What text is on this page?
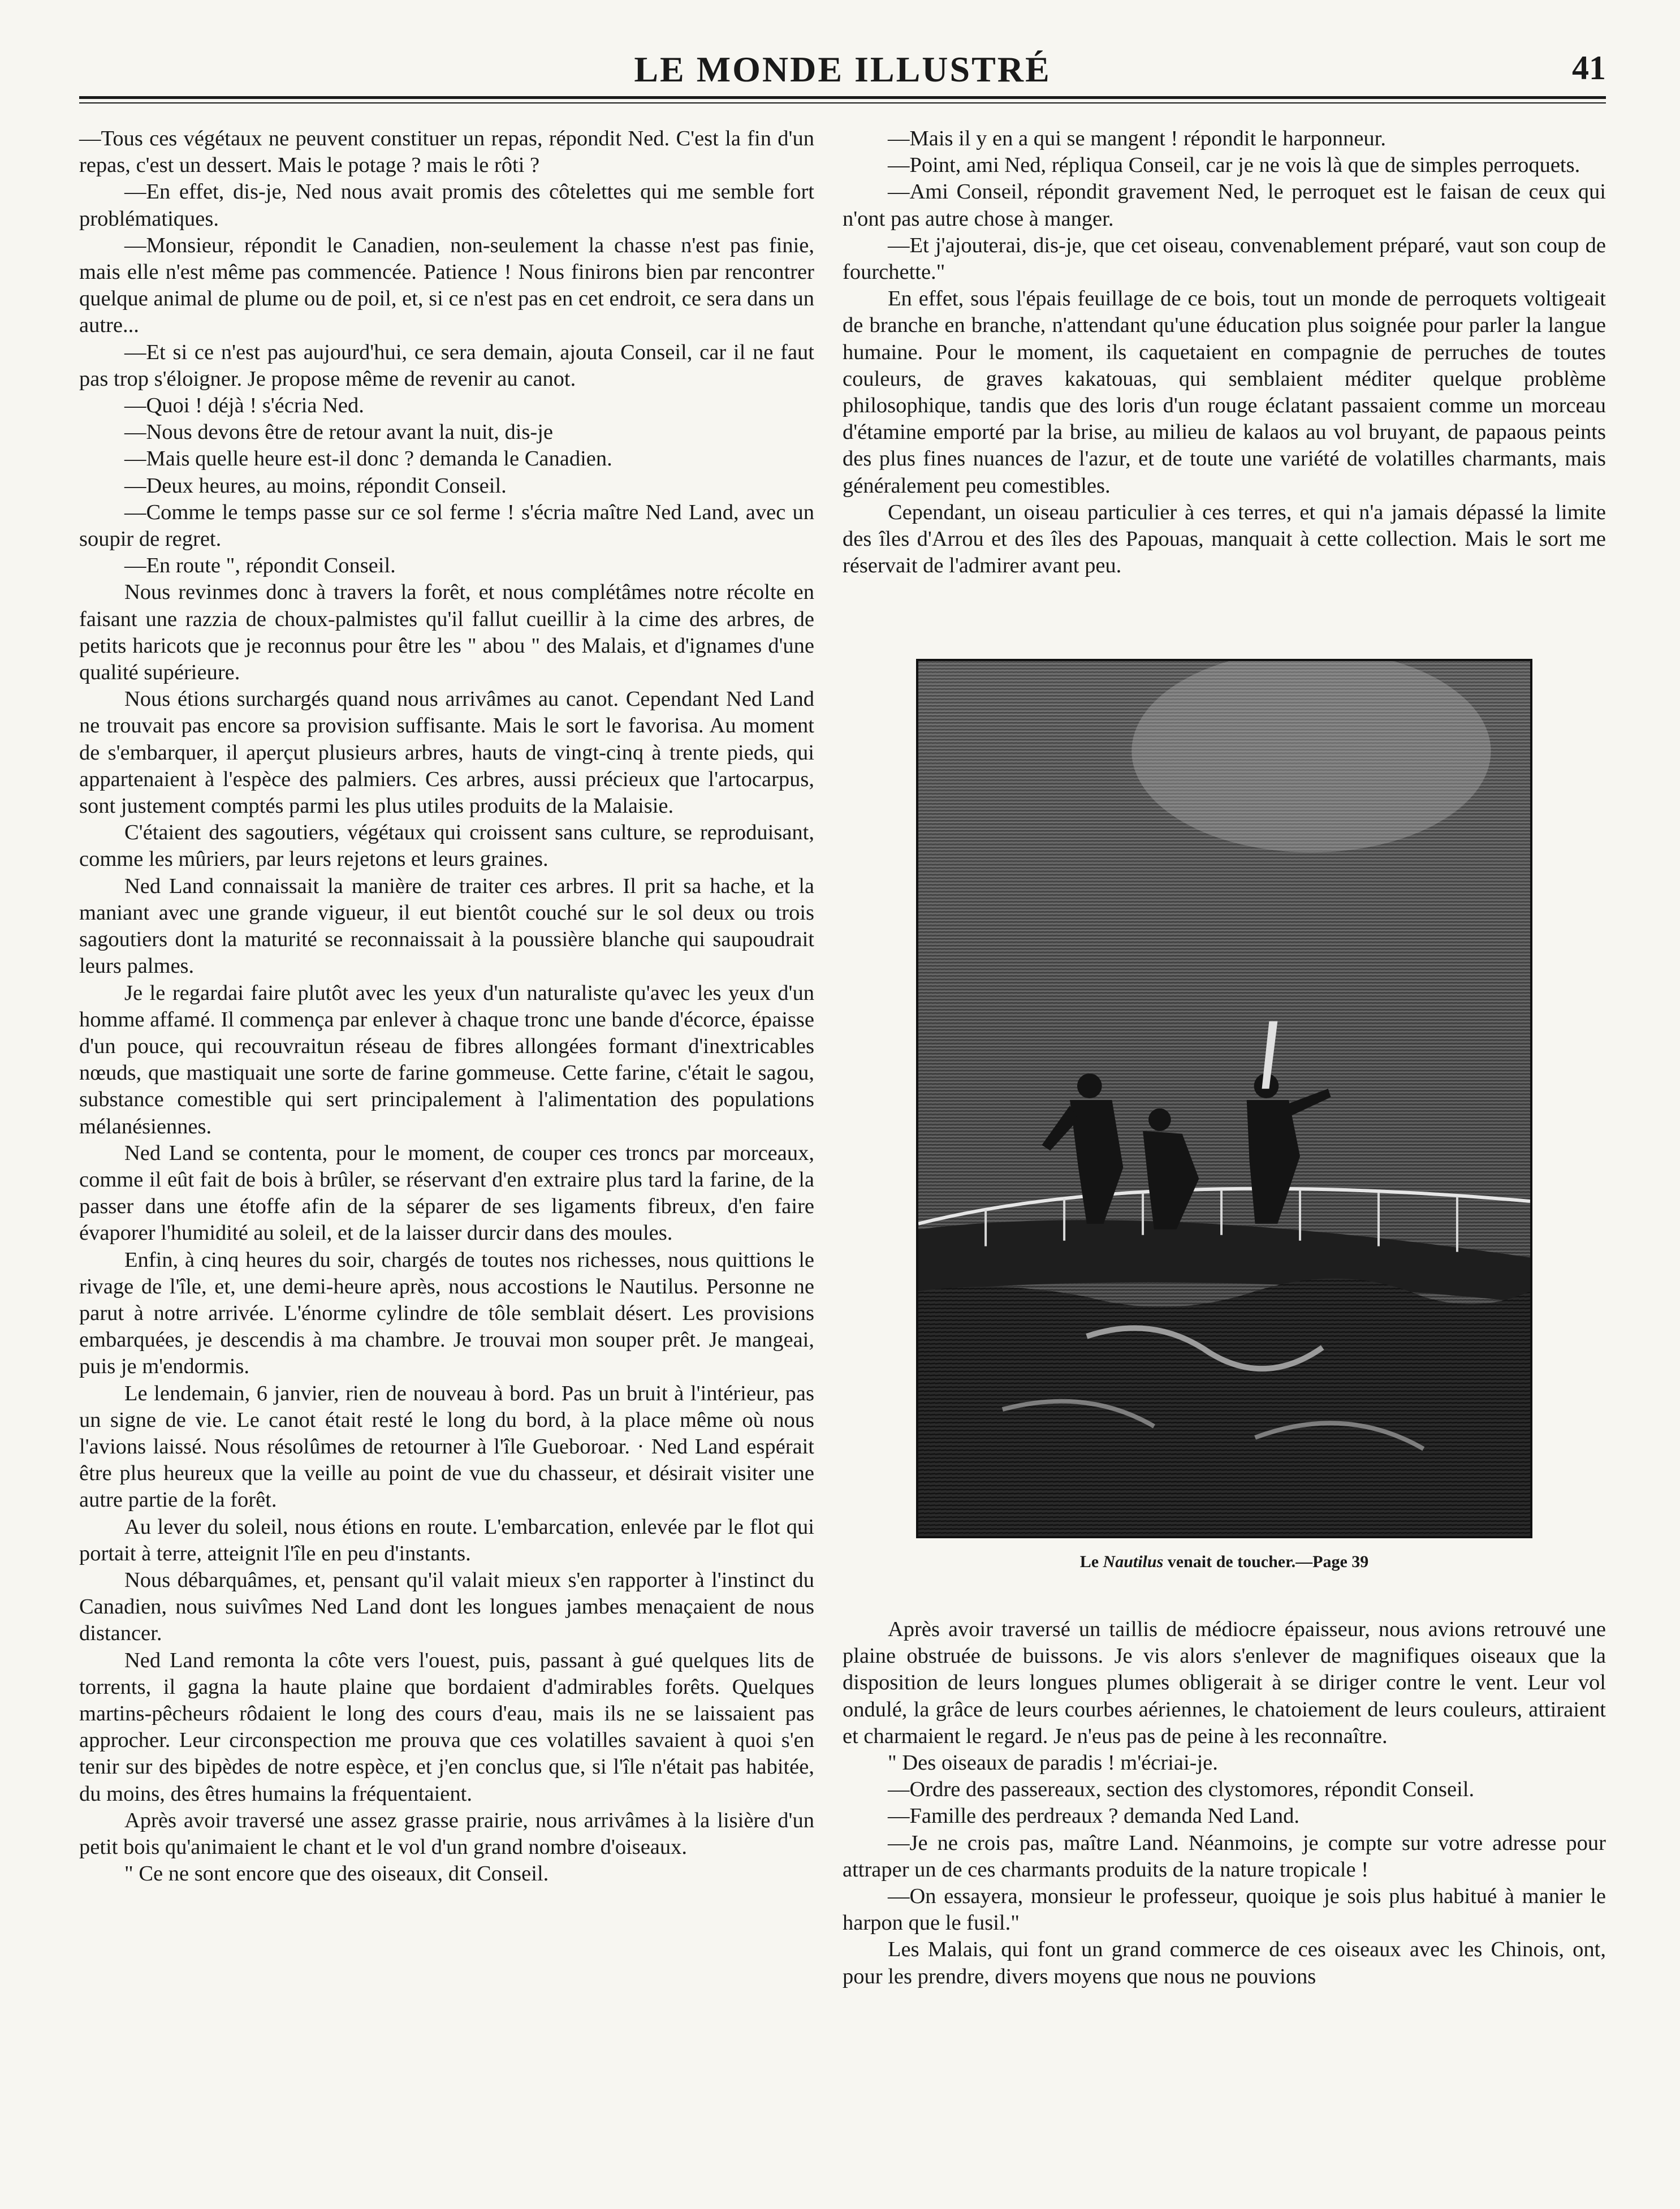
LE MONDE ILLUSTRÉ	41

—Tous ces végétaux ne peuvent constituer un repas, répondit Ned. C'est la fin d'un repas, c'est un dessert. Mais le potage ? mais le rôti ?

—En effet, dis-je, Ned nous avait promis des côtelettes qui me semble fort problématiques.

—Monsieur, répondit le Canadien, non-seulement la chasse n'est pas finie, mais elle n'est même pas commencée. Patience ! Nous finirons bien par rencontrer quelque animal de plume ou de poil, et, si ce n'est pas en cet endroit, ce sera dans un autre...

—Et si ce n'est pas aujourd'hui, ce sera demain, ajouta Conseil, car il ne faut pas trop s'éloigner. Je propose même de revenir au canot.

—Quoi ! déjà ! s'écria Ned.

—Nous devons être de retour avant la nuit, dis-je

—Mais quelle heure est-il donc ? demanda le Canadien.

—Deux heures, au moins, répondit Conseil.

—Comme le temps passe sur ce sol ferme ! s'écria maître Ned Land, avec un soupir de regret.

—En route ", répondit Conseil.

Nous revinmes donc à travers la forêt, et nous complétâmes notre récolte en faisant une razzia de choux-palmistes qu'il fallut cueillir à la cime des arbres, de petits haricots que je reconnus pour être les " abou " des Malais, et d'ignames d'une qualité supérieure.

Nous étions surchargés quand nous arrivâmes au canot. Cependant Ned Land ne trouvait pas encore sa provision suffisante. Mais le sort le favorisa. Au moment de s'embarquer, il aperçut plusieurs arbres, hauts de vingt-cinq à trente pieds, qui appartenaient à l'espèce des palmiers. Ces arbres, aussi précieux que l'artocarpus, sont justement comptés parmi les plus utiles produits de la Malaisie.

C'étaient des sagoutiers, végétaux qui croissent sans culture, se reproduisant, comme les mûriers, par leurs rejetons et leurs graines.

Ned Land connaissait la manière de traiter ces arbres. Il prit sa hache, et la maniant avec une grande vigueur, il eut bientôt couché sur le sol deux ou trois sagoutiers dont la maturité se reconnaissait à la poussière blanche qui saupoudrait leurs palmes.

Je le regardai faire plutôt avec les yeux d'un naturaliste qu'avec les yeux d'un homme affamé. Il commença par enlever à chaque tronc une bande d'écorce, épaisse d'un pouce, qui recouvraitun réseau de fibres allongées formant d'inextricables nœuds, que mastiquait une sorte de farine gommeuse. Cette farine, c'était le sagou, substance comestible qui sert principalement à l'alimentation des populations mélanésiennes.

Ned Land se contenta, pour le moment, de couper ces troncs par morceaux, comme il eût fait de bois à brûler, se réservant d'en extraire plus tard la farine, de la passer dans une étoffe afin de la séparer de ses ligaments fibreux, d'en faire évaporer l'humidité au soleil, et de la laisser durcir dans des moules.

Enfin, à cinq heures du soir, chargés de toutes nos richesses, nous quittions le rivage de l'île, et, une demi-heure après, nous accostions le Nautilus. Personne ne parut à notre arrivée. L'énorme cylindre de tôle semblait désert. Les provisions embarquées, je descendis à ma chambre. Je trouvai mon souper prêt. Je mangeai, puis je m'endormis.

Le lendemain, 6 janvier, rien de nouveau à bord. Pas un bruit à l'intérieur, pas un signe de vie. Le canot était resté le long du bord, à la place même où nous l'avions laissé. Nous résolûmes de retourner à l'île Gueboroar. · Ned Land espérait être plus heureux que la veille au point de vue du chasseur, et désirait visiter une autre partie de la forêt.

Au lever du soleil, nous étions en route. L'embarcation, enlevée par le flot qui portait à terre, atteignit l'île en peu d'instants.

Nous débarquâmes, et, pensant qu'il valait mieux s'en rapporter à l'instinct du Canadien, nous suivîmes Ned Land dont les longues jambes menaçaient de nous distancer.

Ned Land remonta la côte vers l'ouest, puis, passant à gué quelques lits de torrents, il gagna la haute plaine que bordaient d'admirables forêts. Quelques martins-pêcheurs rôdaient le long des cours d'eau, mais ils ne se laissaient pas approcher. Leur circonspection me prouva que ces volatilles savaient à quoi s'en tenir sur des bipèdes de notre espèce, et j'en conclus que, si l'île n'était pas habitée, du moins, des êtres humains la fréquentaient.

Après avoir traversé une assez grasse prairie, nous arrivâmes à la lisière d'un petit bois qu'animaient le chant et le vol d'un grand nombre d'oiseaux.

" Ce ne sont encore que des oiseaux, dit Conseil.

—Mais il y en a qui se mangent ! répondit le harponneur.

—Point, ami Ned, répliqua Conseil, car je ne vois là que de simples perroquets.

—Ami Conseil, répondit gravement Ned, le perroquet est le faisan de ceux qui n'ont pas autre chose à manger.

—Et j'ajouterai, dis-je, que cet oiseau, convenablement préparé, vaut son coup de fourchette."

En effet, sous l'épais feuillage de ce bois, tout un monde de perroquets voltigeait de branche en branche, n'attendant qu'une éducation plus soignée pour parler la langue humaine. Pour le moment, ils caquetaient en compagnie de perruches de toutes couleurs, de graves kakatouas, qui semblaient méditer quelque problème philosophique, tandis que des loris d'un rouge éclatant passaient comme un morceau d'étamine emporté par la brise, au milieu de kalaos au vol bruyant, de papaous peints des plus fines nuances de l'azur, et de toute une variété de volatilles charmants, mais généralement peu comestibles.

Cependant, un oiseau particulier à ces terres, et qui n'a jamais dépassé la limite des îles d'Arrou et des îles des Papouas, manquait à cette collection. Mais le sort me réservait de l'admirer avant peu.

Le Nautilus venait de toucher.—Page 39

Après avoir traversé un taillis de médiocre épaisseur, nous avions retrouvé une plaine obstruée de buissons. Je vis alors s'enlever de magnifiques oiseaux que la disposition de leurs longues plumes obligerait à se diriger contre le vent. Leur vol ondulé, la grâce de leurs courbes aériennes, le chatoiement de leurs couleurs, attiraient et charmaient le regard. Je n'eus pas de peine à les reconnaître.

" Des oiseaux de paradis ! m'écriai-je.

—Ordre des passereaux, section des clystomores, répondit Conseil.

—Famille des perdreaux ? demanda Ned Land.

—Je ne crois pas, maître Land. Néanmoins, je compte sur votre adresse pour attraper un de ces charmants produits de la nature tropicale !

—On essayera, monsieur le professeur, quoique je sois plus habitué à manier le harpon que le fusil."

Les Malais, qui font un grand commerce de ces oiseaux avec les Chinois, ont, pour les prendre, divers moyens que nous ne pouvions
